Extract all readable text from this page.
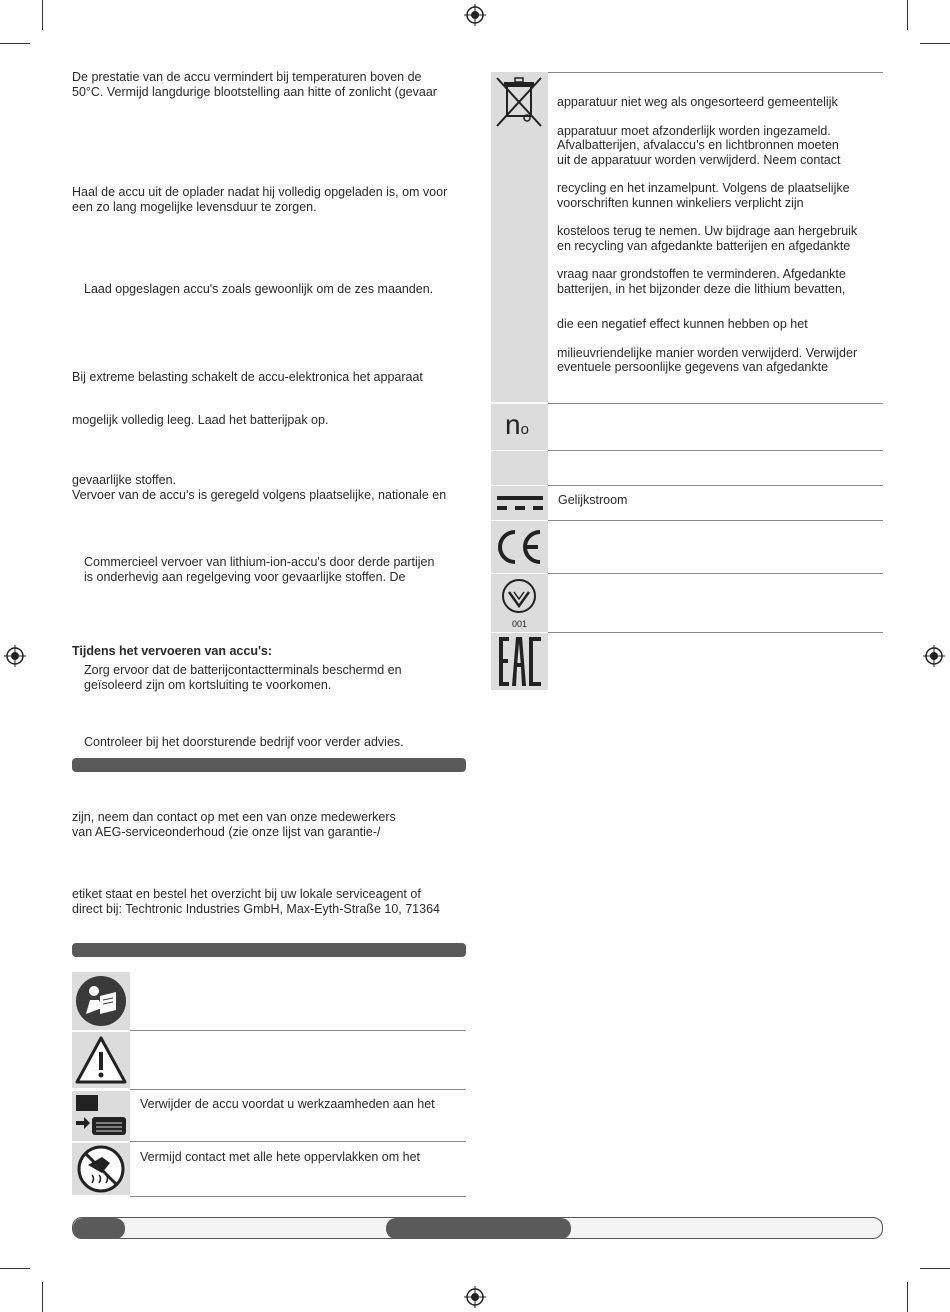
De prestatie van de accu vermindert bij temperaturen boven de
50°C. Vermijd langdurige blootstelling aan hitte of zonlicht (gevaar
Haal de accu uit de oplader nadat hij volledig opgeladen is, om voor
een zo lang mogelijke levensduur te zorgen.
Laad opgeslagen accu's zoals gewoonlijk om de zes maanden.
Bij extreme belasting schakelt de accu-elektronica het apparaat
mogelijk volledig leeg. Laad het batterijpak op.
gevaarlijke stoffen.
Vervoer van de accu's is geregeld volgens plaatselijke, nationale en
Commercieel vervoer van lithium-ion-accu's door derde partijen
is onderhevig aan regelgeving voor gevaarlijke stoffen. De
Tijdens het vervoeren van accu's:
Zorg ervoor dat de batterijcontactterminals beschermd en
geïsoleerd zijn om kortsluiting te voorkomen.
Controleer bij het doorsturende bedrijf voor verder advies.
zijn, neem dan contact op met een van onze medewerkers
van AEG-serviceonderhoud (zie onze lijst van garantie-/
etiket staat en bestel het overzicht bij uw lokale serviceagent of
direct bij: Techtronic Industries GmbH, Max-Eyth-Straße 10, 71364
Verwijder de accu voordat u werkzaamheden aan het
Vermijd contact met alle hete oppervlakken om het
apparatuur niet weg als ongesorteerd gemeentelijk
apparatuur moet afzonderlijk worden ingezameld.
Afvalbatterijen, afvalaccu’s en lichtbronnen moeten
uit de apparatuur worden verwijderd. Neem contact
recycling en het inzamelpunt. Volgens de plaatselijke
voorschriften kunnen winkeliers verplicht zijn
kosteloos terug te nemen. Uw bijdrage aan hergebruik
en recycling van afgedankte batterijen en afgedankte
vraag naar grondstoffen te verminderen. Afgedankte
batterijen, in het bijzonder deze die lithium bevatten,
die een negatief effect kunnen hebben op het
milieuvriendelijke manier worden verwijderd. Verwijder
eventuele persoonlijke gegevens van afgedankte
no
Gelijkstroom
001
